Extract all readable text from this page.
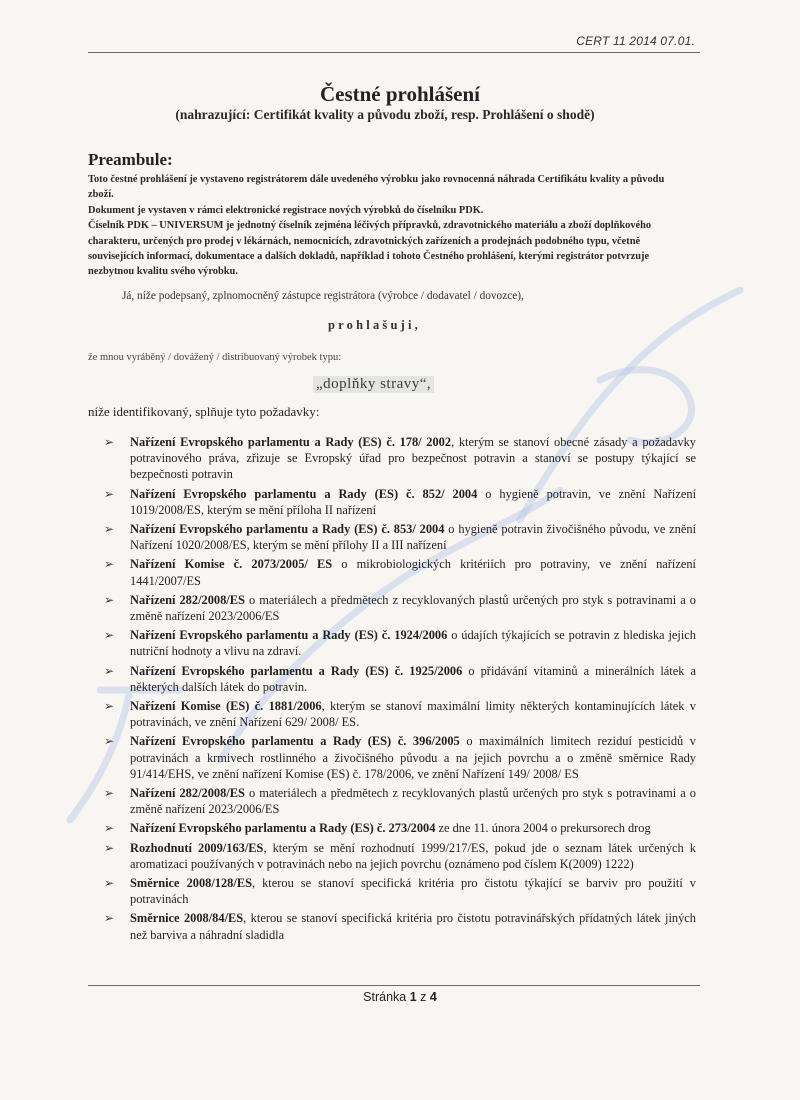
CERT 11 2014 07.01.
Čestné prohlášení
(nahrazující: Certifikát kvality a původu zboží, resp. Prohlášení o shodě)
Preambule:

Toto čestné prohlášení je vystaveno registrátorem dále uvedeného výrobku jako rovnocenná náhrada Certifikátu kvality a původu zboží.

Dokument je vystaven v rámci elektronické registrace nových výrobků do číselníku PDK.

Číselník PDK – UNIVERSUM je jednotný číselník zejména léčivých přípravků, zdravotnického materiálu a zboží doplňkového charakteru, určených pro prodej v lékárnách, nemocnicích, zdravotnických zařízeních a prodejnách podobného typu, včetně souvisejících informací, dokumentace a dalších dokladů, například i tohoto Čestného prohlášení, kterými registrátor potvrzuje nezbytnou kvalitu svého výrobku.

Já, níže podepsaný, zplnomocněný zástupce registrátora (výrobce / dodavatel / dovozce),
prohlašuji,
že mnou vyráběný / dovážený / distribuovaný výrobek typu:
„doplňky stravy“,
níže identifikovaný, splňuje tyto požadavky:
➢ Nařízení Evropského parlamentu a Rady (ES) č. 178/ 2002, kterým se stanoví obecné zásady a požadavky potravinového práva, zřizuje se Evropský úřad pro bezpečnost potravin a stanoví se postupy týkající se bezpečnosti potravin
➢ Nařízení Evropského parlamentu a Rady (ES) č. 852/ 2004 o hygieně potravin, ve znění Nařízení 1019/2008/ES, kterým se mění příloha II nařízení
➢ Nařízení Evropského parlamentu a Rady (ES) č. 853/ 2004 o hygieně potravin živočišného původu, ve znění Nařízení 1020/2008/ES, kterým se mění přílohy II a III nařízení
➢ Nařízení Komise č. 2073/2005/ ES o mikrobiologických kritériích pro potraviny, ve znění nařízení 1441/2007/ES
➢ Nařízení 282/2008/ES o materiálech a předmětech z recyklovaných plastů určených pro styk s potravinami a o změně nařízení 2023/2006/ES
➢ Nařízení Evropského parlamentu a Rady (ES) č. 1924/2006 o údajích týkajících se potravin z hlediska jejich nutriční hodnoty a vlivu na zdraví.
➢ Nařízení Evropského parlamentu a Rady (ES) č. 1925/2006 o přidávání vitaminů a minerálních látek a některých dalších látek do potravin.
➢ Nařízení Komise (ES) č. 1881/2006, kterým se stanoví maximální limity některých kontaminujících látek v potravinách, ve znění Nařízení 629/ 2008/ ES.
➢ Nařízení Evropského parlamentu a Rady (ES) č. 396/2005 o maximálních limitech reziduí pesticidů v potravinách a krmivech rostlinného a živočišného původu a na jejich povrchu a o změně směrnice Rady 91/414/EHS, ve znění nařízení Komise (ES) č. 178/2006, ve znění Nařízení 149/ 2008/ ES
➢ Nařízení 282/2008/ES o materiálech a předmětech z recyklovaných plastů určených pro styk s potravinami a o změně nařízení 2023/2006/ES
➢ Nařízení Evropského parlamentu a Rady (ES) č. 273/2004 ze dne 11. února 2004 o prekursorech drog
➢ Rozhodnutí 2009/163/ES, kterým se mění rozhodnutí 1999/217/ES, pokud jde o seznam látek určených k aromatizaci používaných v potravinách nebo na jejich povrchu (oznámeno pod číslem K(2009) 1222)
➢ Směrnice 2008/128/ES, kterou se stanoví specifická kritéria pro čistotu týkající se barviv pro použití v potravinách
➢ Směrnice 2008/84/ES, kterou se stanoví specifická kritéria pro čistotu potravinářských přídatných látek jiných než barviva a náhradní sladidla
Stránka 1 z 4
